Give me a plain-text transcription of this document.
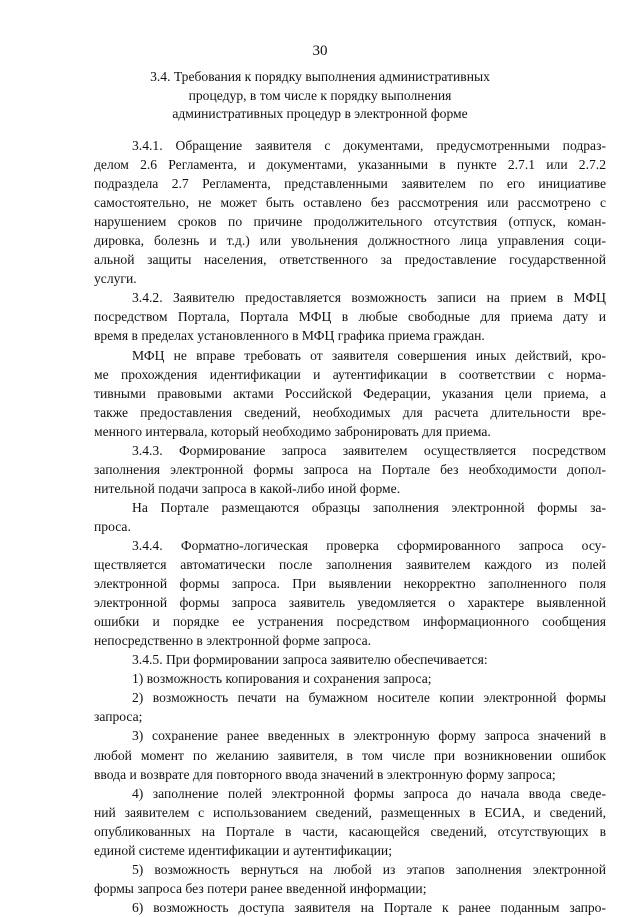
30
3.4. Требования к порядку выполнения административных
процедур, в том числе к порядку выполнения
административных процедур в электронной форме
3.4.1. Обращение заявителя с документами, предусмотренными подраз-
делом 2.6 Регламента, и документами, указанными в пункте 2.7.1 или 2.7.2
подраздела 2.7 Регламента, представленными заявителем по его инициативе
самостоятельно, не может быть оставлено без рассмотрения или рассмотрено с
нарушением сроков по причине продолжительного отсутствия (отпуск, коман-
дировка, болезнь и т.д.) или увольнения должностного лица управления соци-
альной защиты населения, ответственного за предоставление государственной
услуги.
3.4.2. Заявителю предоставляется возможность записи на прием в МФЦ
посредством Портала, Портала МФЦ в любые свободные для приема дату и
время в пределах установленного в МФЦ графика приема граждан.
МФЦ не вправе требовать от заявителя совершения иных действий, кро-
ме прохождения идентификации и аутентификации в соответствии с норма-
тивными правовыми актами Российской Федерации, указания цели приема, а
также предоставления сведений, необходимых для расчета длительности вре-
менного интервала, который необходимо забронировать для приема.
3.4.3. Формирование запроса заявителем осуществляется посредством
заполнения электронной формы запроса на Портале без необходимости допол-
нительной подачи запроса в какой-либо иной форме.
На Портале размещаются образцы заполнения электронной формы за-
проса.
3.4.4. Форматно-логическая проверка сформированного запроса осу-
ществляется автоматически после заполнения заявителем каждого из полей
электронной формы запроса. При выявлении некорректно заполненного поля
электронной формы запроса заявитель уведомляется о характере выявленной
ошибки и порядке ее устранения посредством информационного сообщения
непосредственно в электронной форме запроса.
3.4.5. При формировании запроса заявителю обеспечивается:
1) возможность копирования и сохранения запроса;
2) возможность печати на бумажном носителе копии электронной формы
запроса;
3) сохранение ранее введенных в электронную форму запроса значений в
любой момент по желанию заявителя, в том числе при возникновении ошибок
ввода и возврате для повторного ввода значений в электронную форму запроса;
4) заполнение полей электронной формы запроса до начала ввода сведе-
ний заявителем с использованием сведений, размещенных в ЕСИА, и сведений,
опубликованных на Портале в части, касающейся сведений, отсутствующих в
единой системе идентификации и аутентификации;
5) возможность вернуться на любой из этапов заполнения электронной
формы запроса без потери ранее введенной информации;
6) возможность доступа заявителя на Портале к ранее поданным запро-
